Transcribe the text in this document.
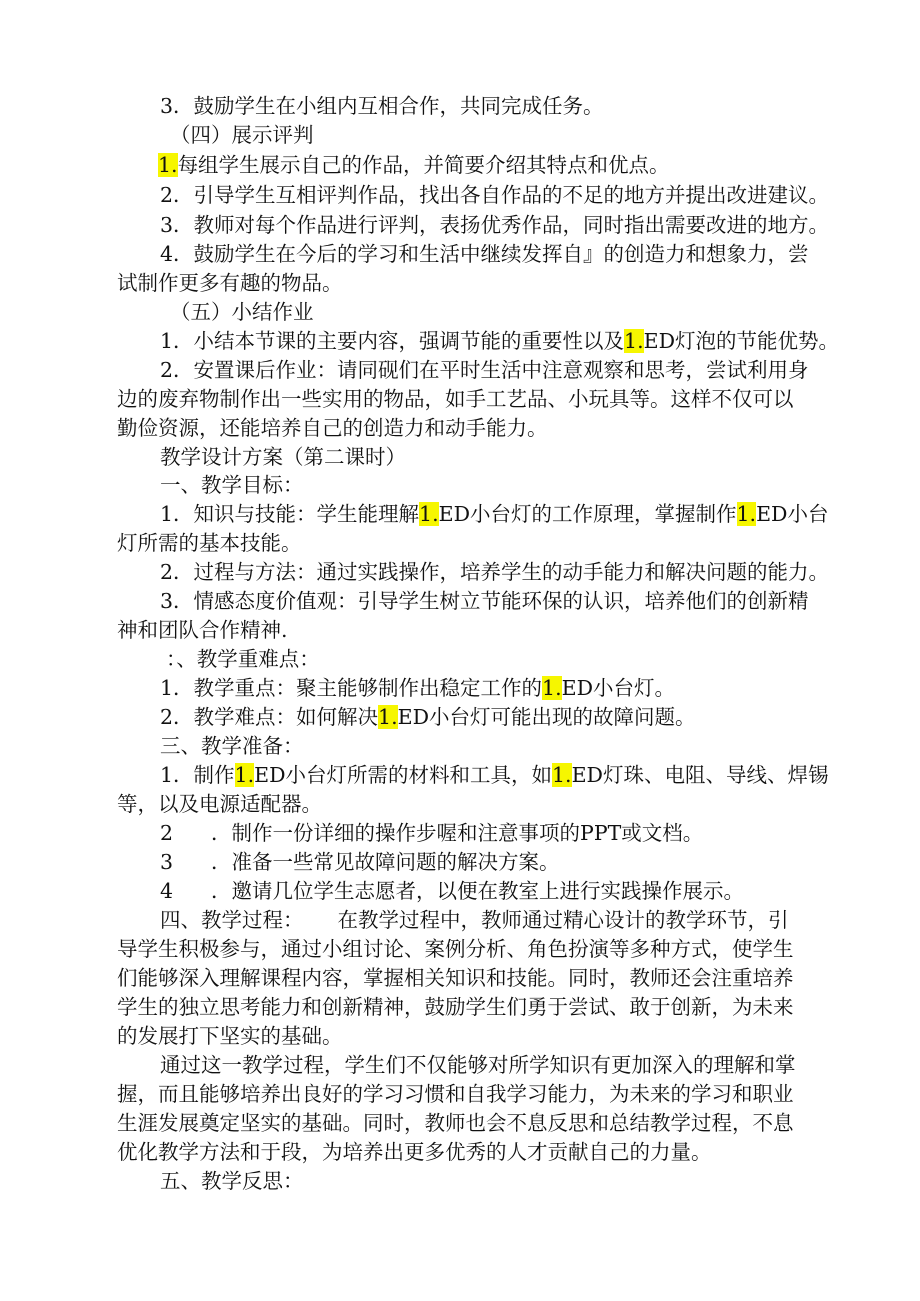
3．鼓励学生在小组内互相合作，共同完成任务。
（四）展示评判
1.每组学生展示自己的作品，并简要介绍其特点和优点。
2．引导学生互相评判作品，找出各自作品的不足的地方并提出改进建议。
3．教师对每个作品进行评判，表扬优秀作品，同时指出需要改进的地方。
4．鼓励学生在今后的学习和生活中继续发挥自』的创造力和想象力，尝
试制作更多有趣的物品。
（五）小结作业
1．小结本节课的主要内容，强调节能的重要性以及1.ED灯泡的节能优势。
2．安置课后作业：请同砚们在平时生活中注意观察和思考，尝试利用身
边的废弃物制作出一些实用的物品，如手工艺品、小玩具等。这样不仅可以
勤俭资源，还能培养自己的创造力和动手能力。
教学设计方案（第二课时）
一、教学目标：
1．知识与技能：学生能理解1.ED小台灯的工作原理，掌握制作1.ED小台
灯所需的基本技能。
2．过程与方法：通过实践操作，培养学生的动手能力和解决问题的能力。
3．情感态度价值观：引导学生树立节能环保的认识，培养他们的创新精
神和团队合作精神.
：、教学重难点：
1．教学重点：聚主能够制作出稳定工作的1.ED小台灯。
2．教学难点：如何解决1.ED小台灯可能出现的故障问题。
三、教学准备：
1．制作1.ED小台灯所需的材料和工具，如1.ED灯珠、电阻、导线、焊锡
等，以及电源适配器。
2 ．制作一份详细的操作步喔和注意事项的PPT或文档。
3 ．准备一些常见故障问题的解决方案。
4 ．邀请几位学生志愿者，以便在教室上进行实践操作展示。
四、教学过程： 在教学过程中，教师通过精心设计的教学环节，引
导学生积极参与，通过小组讨论、案例分析、角色扮演等多种方式，使学生
们能够深入理解课程内容，掌握相关知识和技能。同时，教师还会注重培养
学生的独立思考能力和创新精神，鼓励学生们勇于尝试、敢于创新，为未来
的发展打下坚实的基础。
通过这一教学过程，学生们不仅能够对所学知识有更加深入的理解和掌
握，而且能够培养出良好的学习习惯和自我学习能力，为未来的学习和职业
生涯发展奠定坚实的基础。同时，教师也会不息反思和总结教学过程，不息
优化教学方法和于段，为培养出更多优秀的人才贡献自己的力量。
五、教学反思：
